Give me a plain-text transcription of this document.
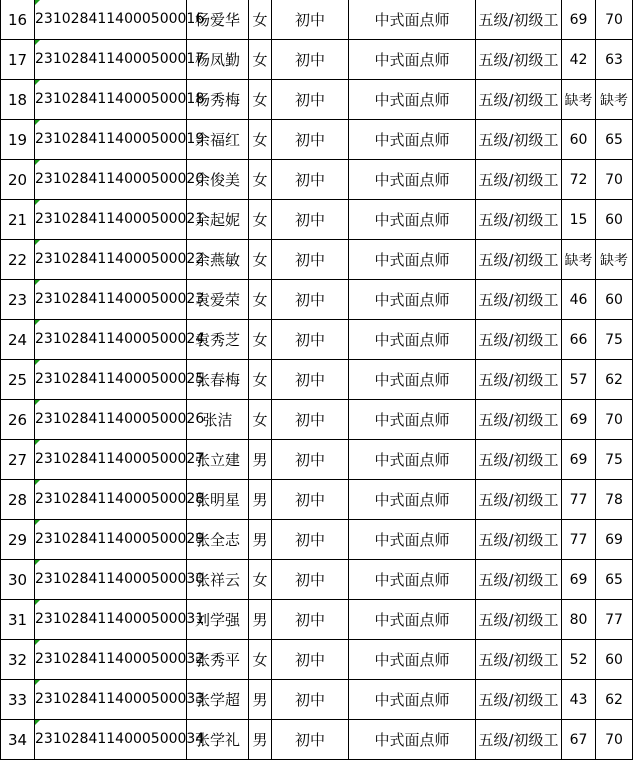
16	2310284114000500016	杨爱华	女	初中	中式面点师	五级/初级工	69	70
17	2310284114000500017	杨凤勤	女	初中	中式面点师	五级/初级工	42	63
18	2310284114000500018	杨秀梅	女	初中	中式面点师	五级/初级工	缺考	缺考
19	2310284114000500019	余福红	女	初中	中式面点师	五级/初级工	60	65
20	2310284114000500020	余俊美	女	初中	中式面点师	五级/初级工	72	70
21	2310284114000500021	余起妮	女	初中	中式面点师	五级/初级工	15	60
22	2310284114000500022	余燕敏	女	初中	中式面点师	五级/初级工	缺考	缺考
23	2310284114000500023	袁爱荣	女	初中	中式面点师	五级/初级工	46	60
24	2310284114000500024	袁秀芝	女	初中	中式面点师	五级/初级工	66	75
25	2310284114000500025	张春梅	女	初中	中式面点师	五级/初级工	57	62
26	2310284114000500026	张洁	女	初中	中式面点师	五级/初级工	69	70
27	2310284114000500027	张立建	男	初中	中式面点师	五级/初级工	69	75
28	2310284114000500028	张明星	男	初中	中式面点师	五级/初级工	77	78
29	2310284114000500029	张全志	男	初中	中式面点师	五级/初级工	77	69
30	2310284114000500030	张祥云	女	初中	中式面点师	五级/初级工	69	65
31	2310284114000500031	刘学强	男	初中	中式面点师	五级/初级工	80	77
32	2310284114000500032	张秀平	女	初中	中式面点师	五级/初级工	52	60
33	2310284114000500033	张学超	男	初中	中式面点师	五级/初级工	43	62
34	2310284114000500034	张学礼	男	初中	中式面点师	五级/初级工	67	70
